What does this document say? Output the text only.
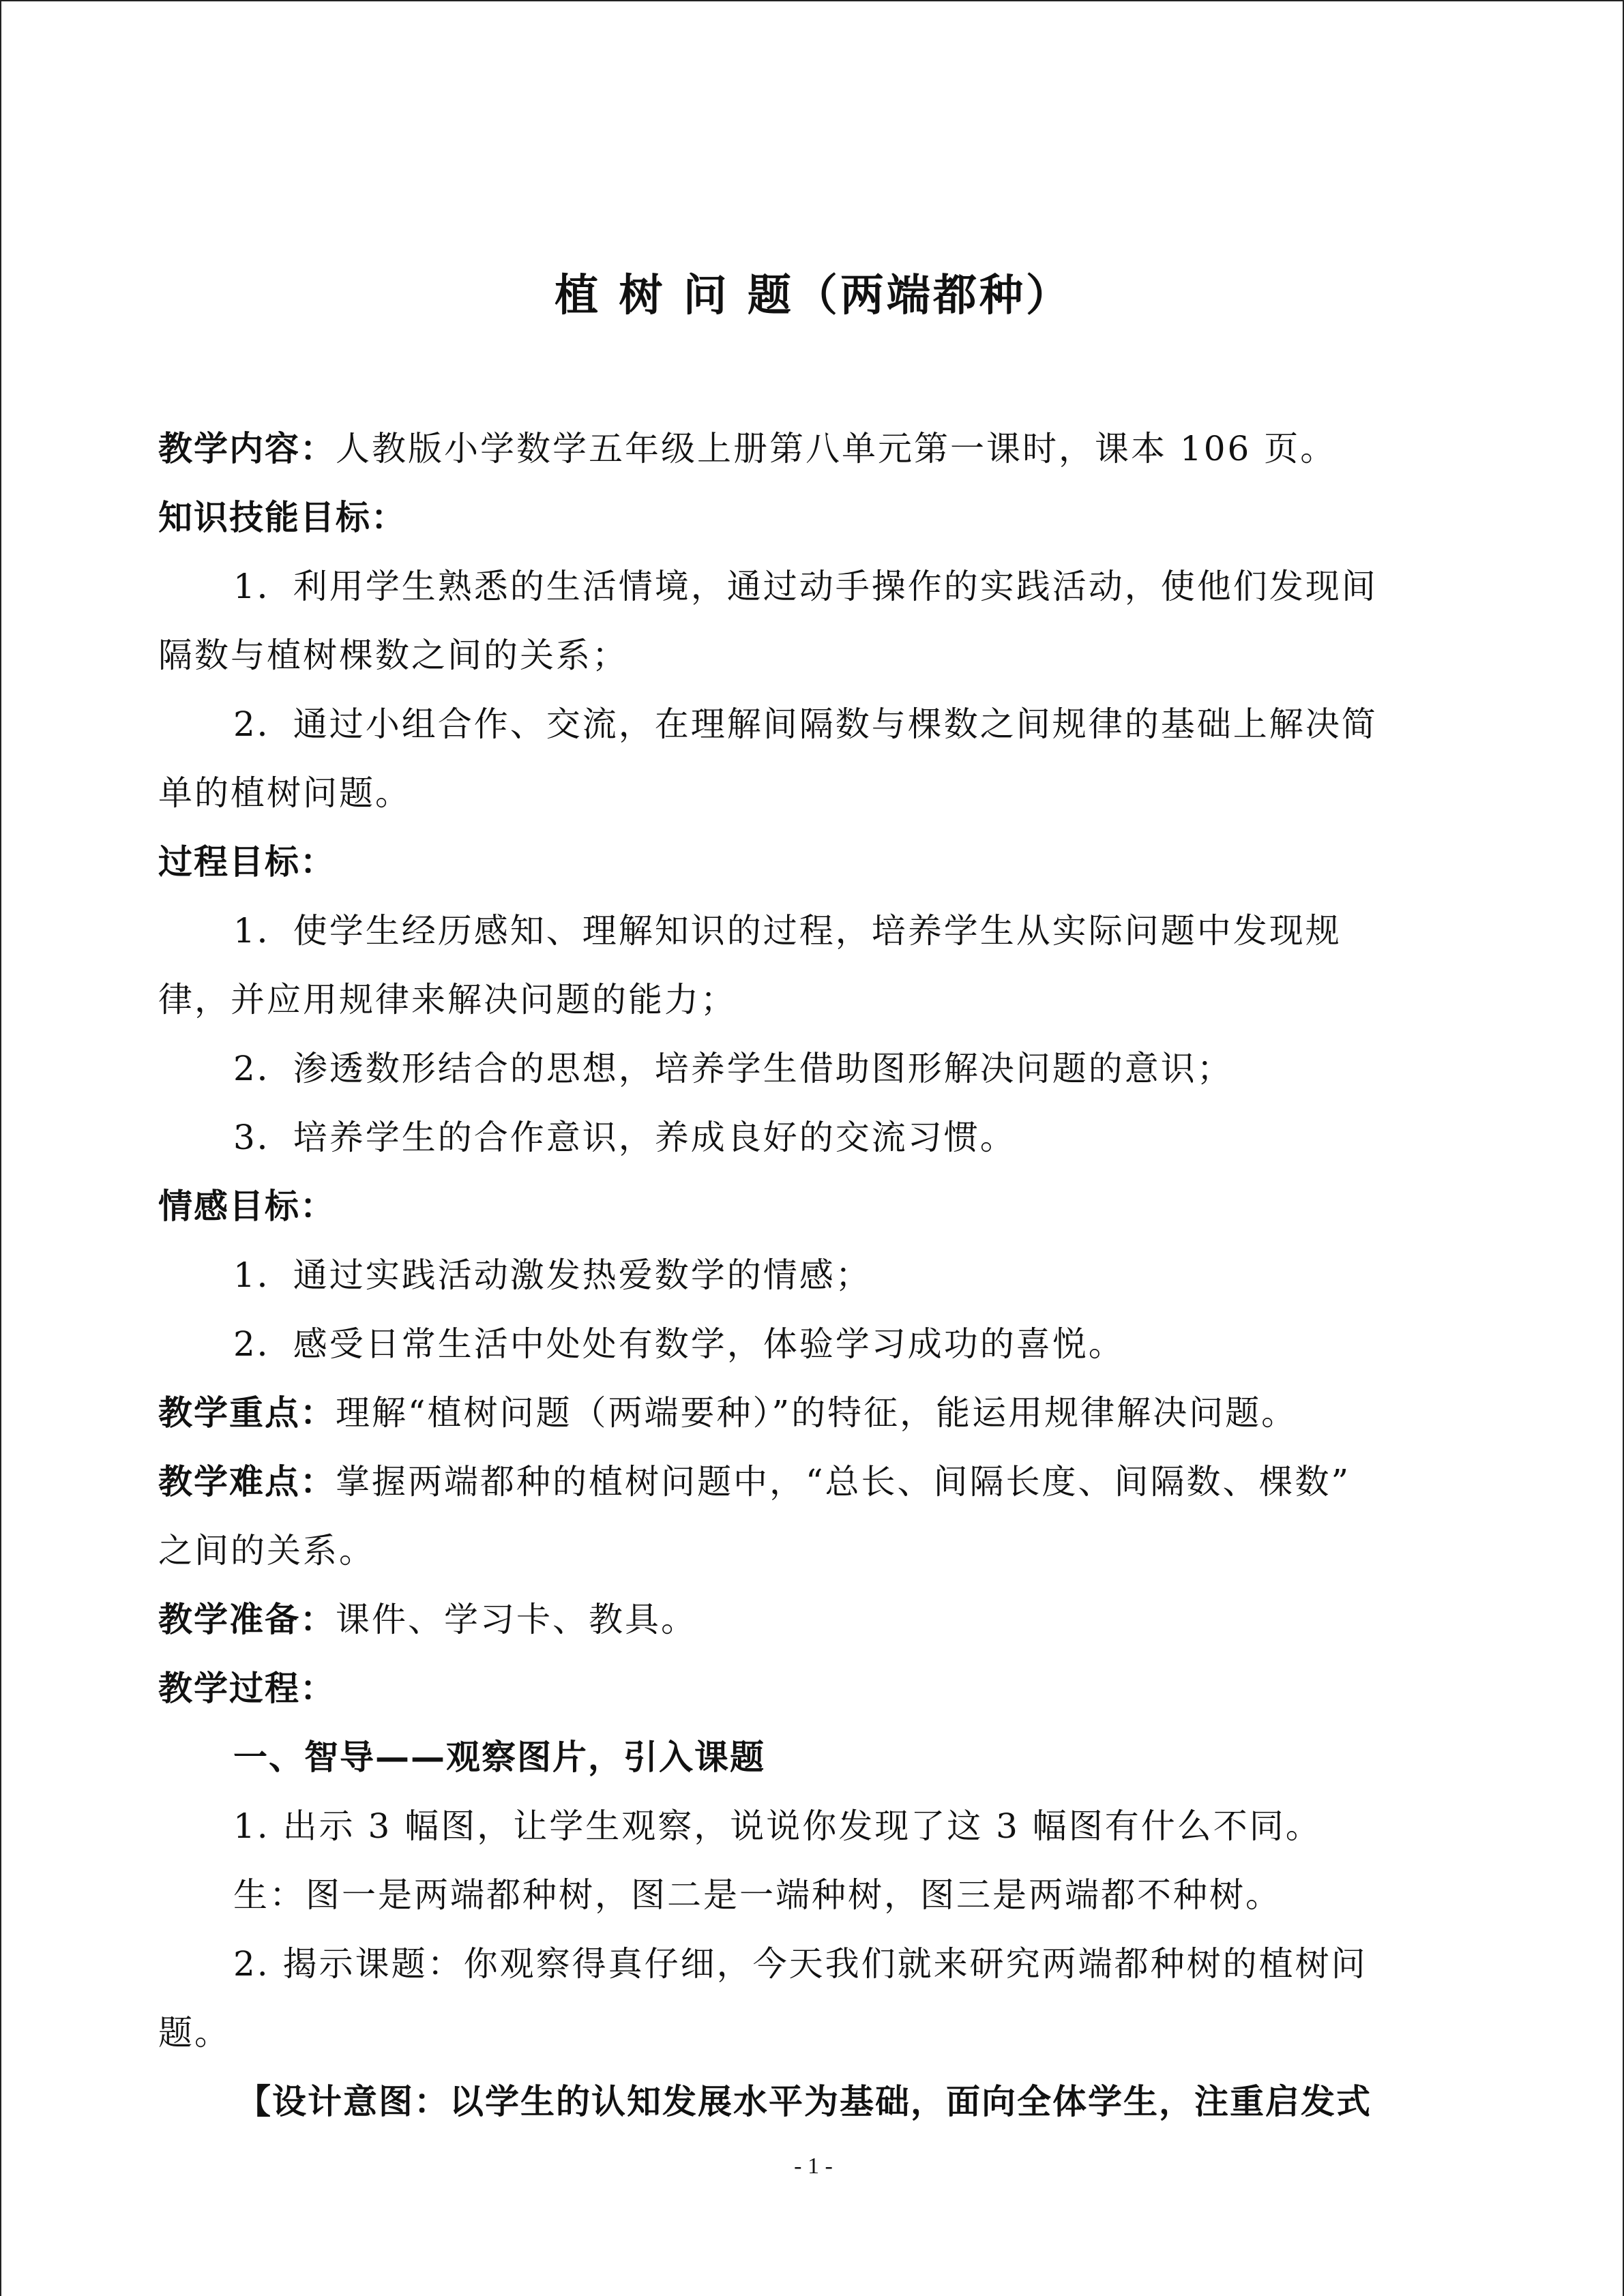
植 树 问 题（两端都种）
教学内容：人教版小学数学五年级上册第八单元第一课时，课本 106 页。
知识技能目标：
1．利用学生熟悉的生活情境，通过动手操作的实践活动，使他们发现间
隔数与植树棵数之间的关系；
2．通过小组合作、交流，在理解间隔数与棵数之间规律的基础上解决简
单的植树问题。
过程目标：
1．使学生经历感知、理解知识的过程，培养学生从实际问题中发现规
律，并应用规律来解决问题的能力；
2．渗透数形结合的思想，培养学生借助图形解决问题的意识；
3．培养学生的合作意识，养成良好的交流习惯。
情感目标：
1．通过实践活动激发热爱数学的情感；
2．感受日常生活中处处有数学，体验学习成功的喜悦。
教学重点：理解“植树问题（两端要种）”的特征，能运用规律解决问题。
教学难点：掌握两端都种的植树问题中，“总长、间隔长度、间隔数、棵数”
之间的关系。
教学准备：课件、学习卡、教具。
教学过程：
一、智导——观察图片，引入课题
1. 出示 3 幅图，让学生观察，说说你发现了这 3 幅图有什么不同。
生：图一是两端都种树，图二是一端种树，图三是两端都不种树。
2. 揭示课题：你观察得真仔细，今天我们就来研究两端都种树的植树问
题。
【设计意图：以学生的认知发展水平为基础，面向全体学生，注重启发式
- 1 -
